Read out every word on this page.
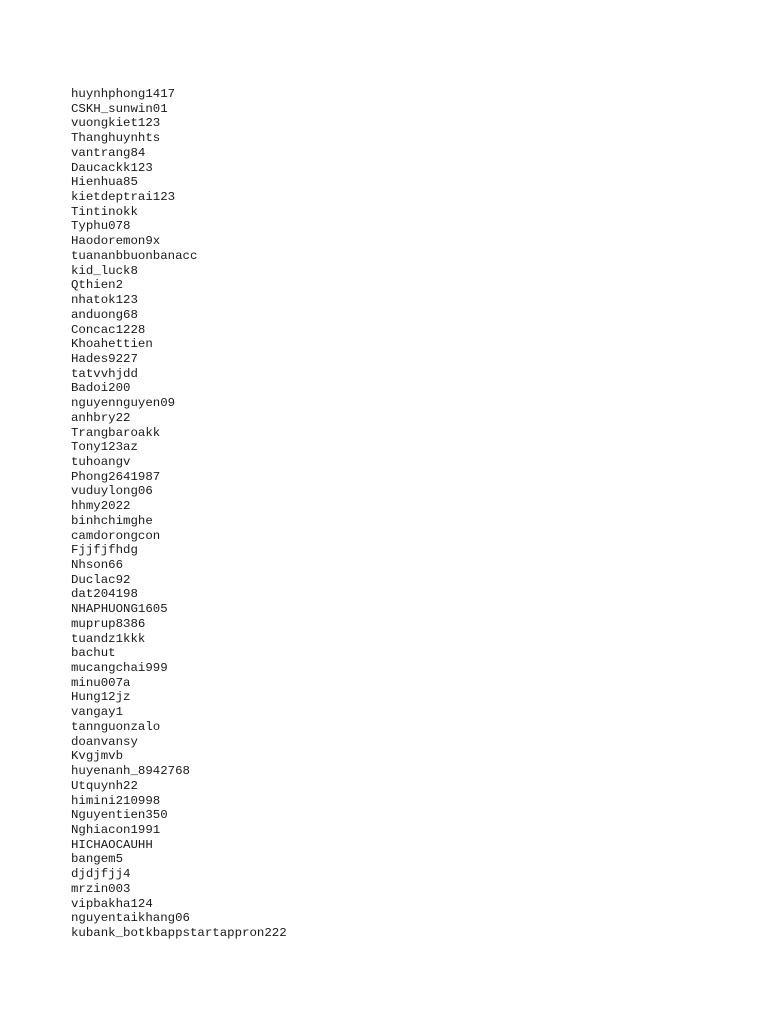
huynhphong1417
CSKH_sunwin01
vuongkiet123
Thanghuynhts
vantrang84
Daucackk123
Hienhua85
kietdeptrai123
Tintinokk
Typhu078
Haodoremon9x
tuananbbuonbanacc
kid_luck8
Qthien2
nhatok123
anduong68
Concac1228
Khoahettien
Hades9227
tatvvhjdd
Badoi200
nguyennguyen09
anhbry22
Trangbaroakk
Tony123az
tuhoangv
Phong2641987
vuduylong06
hhmy2022
binhchimghe
camdorongcon
Fjjfjfhdg
Nhson66
Duclac92
dat204198
NHAPHUONG1605
muprup8386
tuandz1kkk
bachut
mucangchai999
minu007a
Hung12jz
vangay1
tannguonzalo
doanvansy
Kvgjmvb
huyenanh_8942768
Utquynh22
himini210998
Nguyentien350
Nghiacon1991
HICHAOCAUHH
bangem5
djdjfjj4
mrzin003
vipbakha124
nguyentaikhang06
kubank_botkbappstartappron222
